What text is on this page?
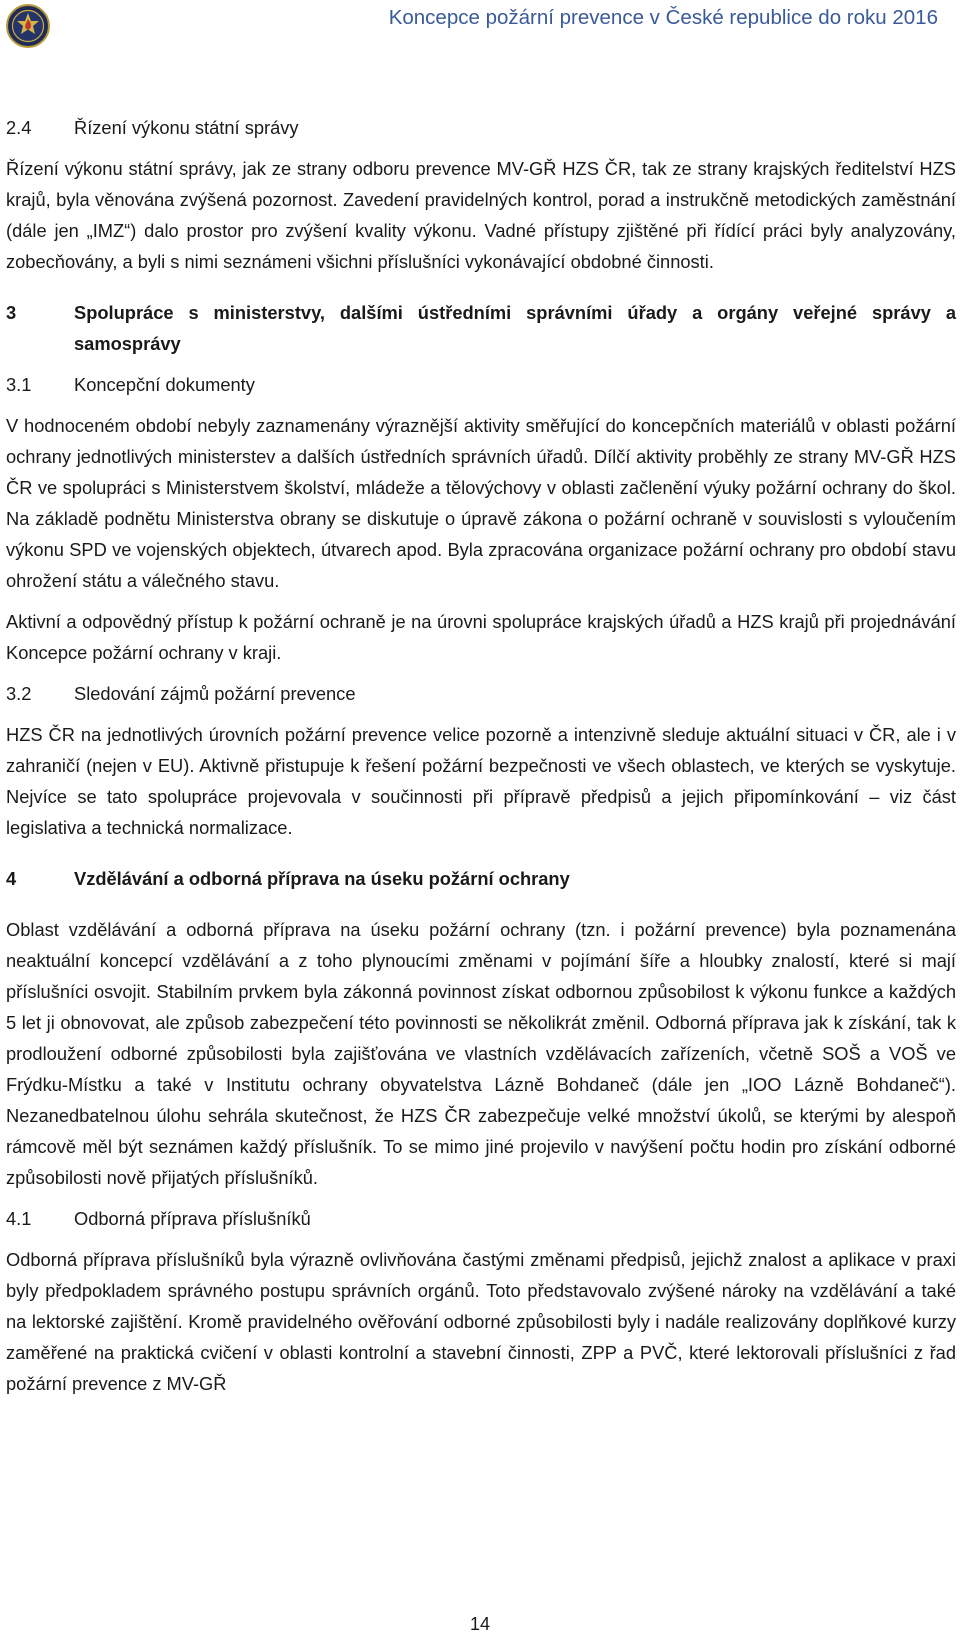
Koncepce požární prevence v České republice do roku 2016
2.4	Řízení výkonu státní správy

Řízení výkonu státní správy, jak ze strany odboru prevence MV-GŘ HZS ČR, tak ze strany krajských ředitelství HZS krajů, byla věnována zvýšená pozornost. Zavedení pravidelných kontrol, porad a instrukčně metodických zaměstnání (dále jen „IMZ“) dalo prostor pro zvýšení kvality výkonu. Vadné přístupy zjištěné při řídící práci byly analyzovány, zobecňovány, a byli s nimi seznámeni všichni příslušníci vykonávající obdobné činnosti.

3	Spolupráce s ministerstvy, dalšími ústředními správními úřady a orgány veřejné správy a samosprávy
3.1	Koncepční dokumenty

V hodnoceném období nebyly zaznamenány výraznější aktivity směřující do koncepčních materiálů v oblasti požární ochrany jednotlivých ministerstev a dalších ústředních správních úřadů. Dílčí aktivity proběhly ze strany MV-GŘ HZS ČR ve spolupráci s Ministerstvem školství, mládeže a tělovýchovy v oblasti začlenění výuky požární ochrany do škol. Na základě podnětu Ministerstva obrany se diskutuje o úpravě zákona o požární ochraně v souvislosti s vyloučením výkonu SPD ve vojenských objektech, útvarech apod. Byla zpracována organizace požární ochrany pro období stavu ohrožení státu a válečného stavu.

Aktivní a odpovědný přístup k požární ochraně je na úrovni spolupráce krajských úřadů a HZS krajů při projednávání Koncepce požární ochrany v kraji.

3.2	Sledování zájmů požární prevence

HZS ČR na jednotlivých úrovních požární prevence velice pozorně a intenzivně sleduje aktuální situaci v ČR, ale i v zahraničí (nejen v EU). Aktivně přistupuje k řešení požární bezpečnosti ve všech oblastech, ve kterých se vyskytuje. Nejvíce se tato spolupráce projevovala v součinnosti při přípravě předpisů a jejich připomínkování – viz část legislativa a technická normalizace.

4	Vzdělávání a odborná příprava na úseku požární ochrany

Oblast vzdělávání a odborná příprava na úseku požární ochrany (tzn. i požární prevence) byla poznamenána neaktuální koncepcí vzdělávání a z toho plynoucími změnami v pojímání šíře a hloubky znalostí, které si mají příslušníci osvojit. Stabilním prvkem byla zákonná povinnost získat odbornou způsobilost k výkonu funkce a každých 5 let ji obnovovat, ale způsob zabezpečení této povinnosti se několikrát změnil. Odborná příprava jak k získání, tak k prodloužení odborné způsobilosti byla zajišťována ve vlastních vzdělávacích zařízeních, včetně SOŠ a VOŠ ve Frýdku-Místku a také v Institutu ochrany obyvatelstva Lázně Bohdaneč (dále jen „IOO Lázně Bohdaneč“). Nezanedbatelnou úlohu sehrála skutečnost, že HZS ČR zabezpečuje velké množství úkolů, se kterými by alespoň rámcově měl být seznámen každý příslušník. To se mimo jiné projevilo v navýšení počtu hodin pro získání odborné způsobilosti nově přijatých příslušníků.

4.1	Odborná příprava příslušníků

Odborná příprava příslušníků byla výrazně ovlivňována častými změnami předpisů, jejichž znalost a aplikace v praxi byly předpokladem správného postupu správních orgánů. Toto představovalo zvýšené nároky na vzdělávání a také na lektorské zajištění. Kromě pravidelného ověřování odborné způsobilosti byly i nadále realizovány doplňkové kurzy zaměřené na praktická cvičení v oblasti kontrolní a stavební činnosti, ZPP a PVČ, které lektorovali příslušníci z řad požární prevence z MV-GŘ

14
